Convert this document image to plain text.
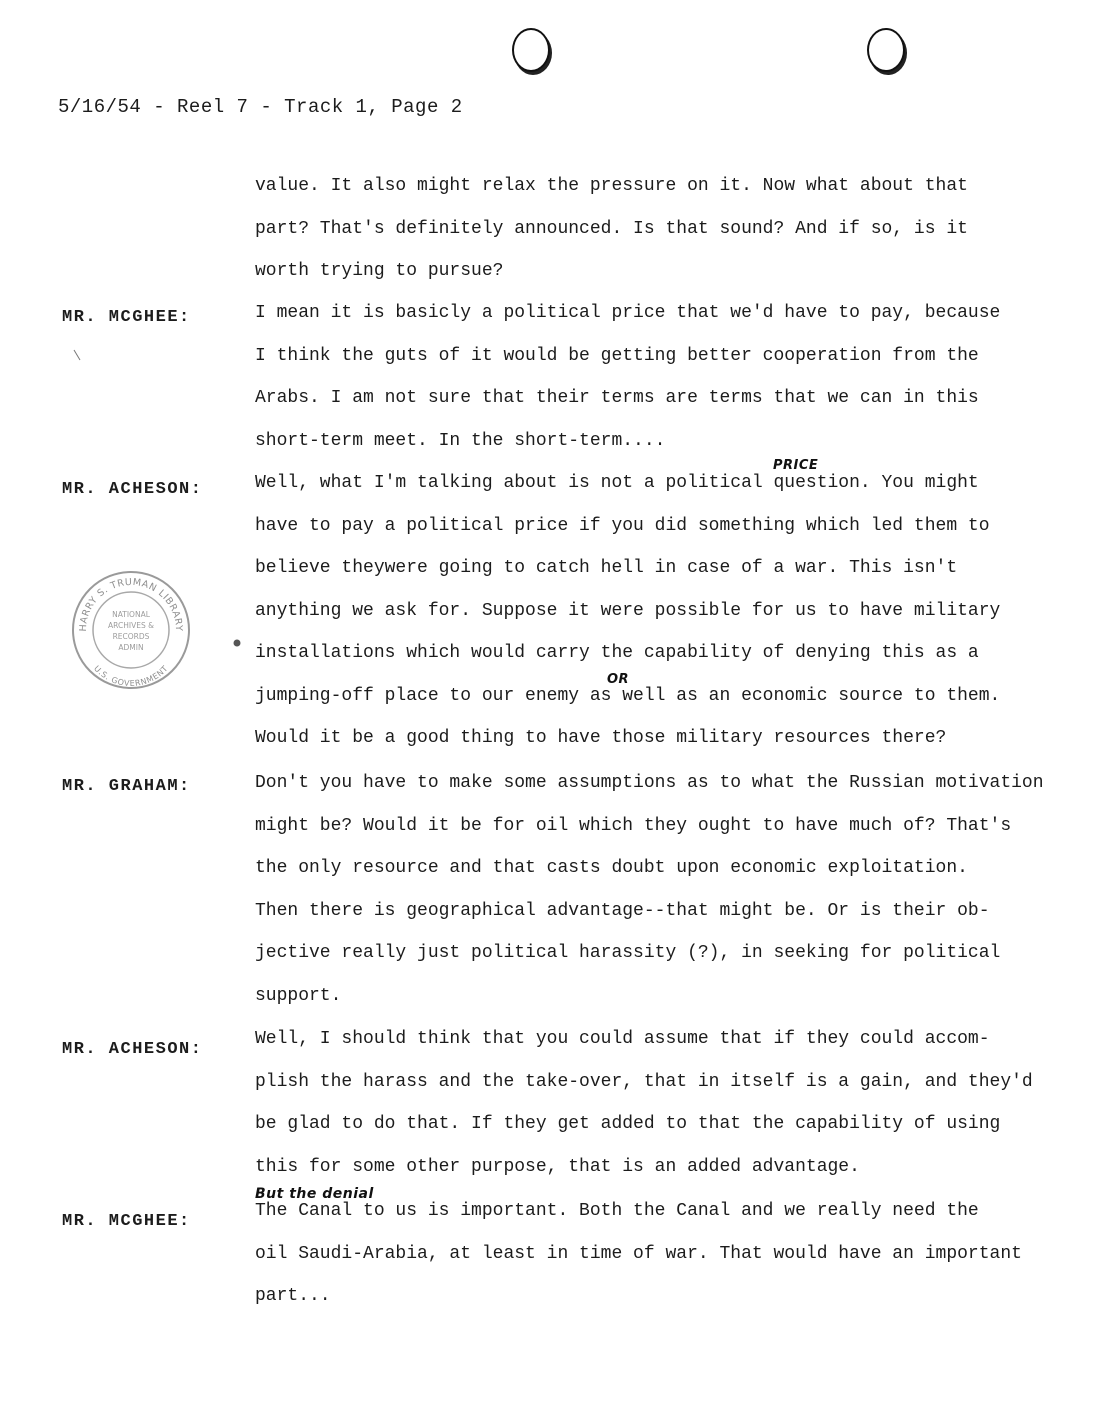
5/16/54 - Reel 7 - Track 1, Page 2
value. It also might relax the pressure on it. Now what about that
part? That's definitely announced. Is that sound? And if so, is it
worth trying to pursue?
MR. MCGHEE:	I mean it is basicly a political price that we'd have to pay, because
I think the guts of it would be getting better cooperation from the
Arabs. I am not sure that their terms are terms that we can in this
short-term meet. In the short-term....
MR. ACHESON:	Well, what I'm talking about is not a political question. You might
have to pay a political price if you did something which led them to
believe theywere going to catch hell in case of a war. This isn't
anything we ask for. Suppose it were possible for us to have military
installations which would carry the capability of denying this as a
jumping-off place to our enemy as well as an economic source to them.
Would it be a good thing to have those military resources there?
MR. GRAHAM:	Don't you have to make some assumptions as to what the Russian motivation
might be? Would it be for oil which they ought to have much of? That's
the only resource and that casts doubt upon economic exploitation.
Then there is geographical advantage--that might be. Or is their ob-
jective really just political harassity (?), in seeking for political
support.
MR. ACHESON:
Well, I should think that you could assume that if they could accom-
plish the harass and the take-over, that in itself is a gain, and they'd
be glad to do that. If they get added to that the capability of using
this for some other purpose, that is an added advantage.
MR. MCGHEE:
The Canal to us is important. Both the Canal and we really need the
oil Saudi-Arabia, at least in time of war. That would have an important
part...
PRICE
OR
But the denial
HARRY S. TRUMAN LIBRARY
U.S. GOVERNMENT
NATIONAL
ARCHIVES &
RECORDS
ADMIN
